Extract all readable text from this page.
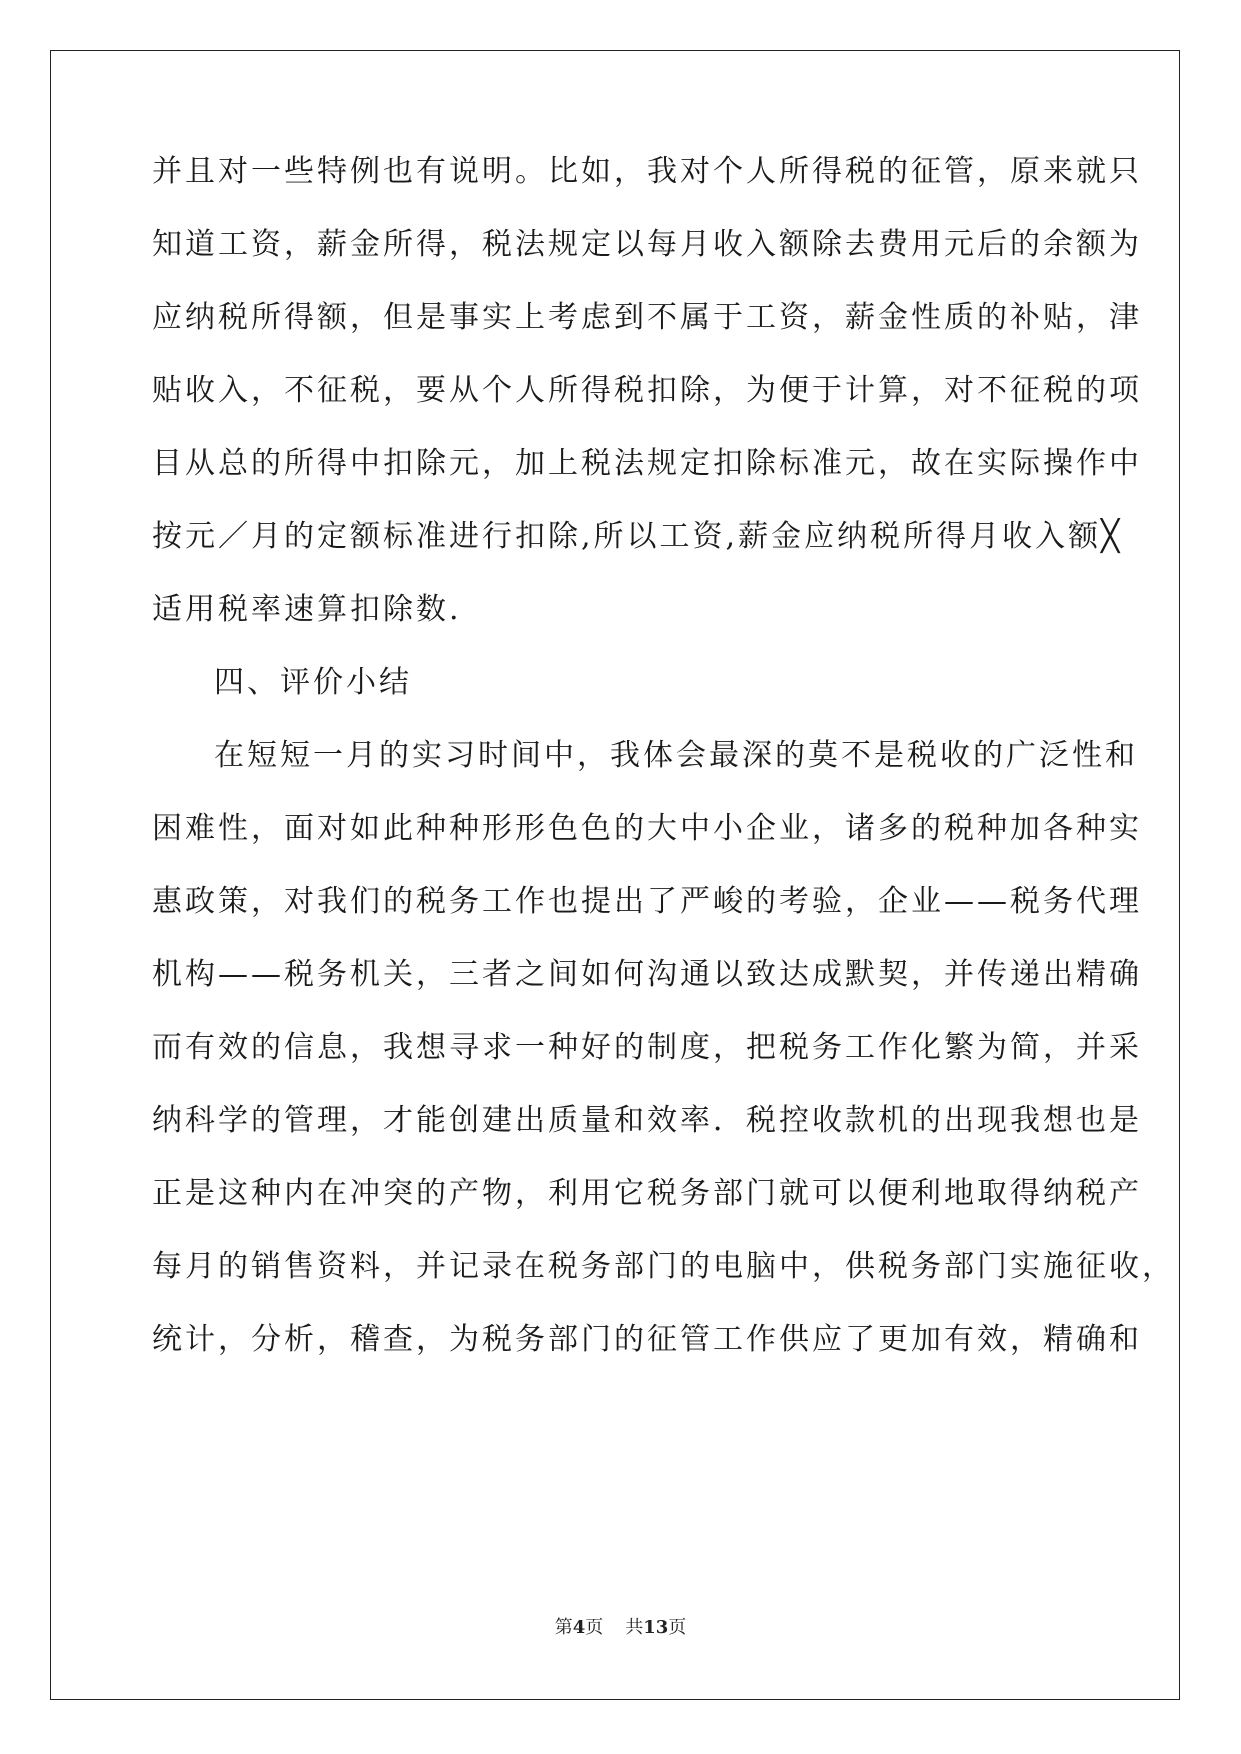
并且对一些特例也有说明。比如，我对个人所得税的征管，原来就只
知道工资，薪金所得，税法规定以每月收入额除去费用元后的余额为
应纳税所得额，但是事实上考虑到不属于工资，薪金性质的补贴，津
贴收入，不征税，要从个人所得税扣除，为便于计算，对不征税的项
目从总的所得中扣除元，加上税法规定扣除标准元，故在实际操作中
按元／月的定额标准进行扣除,所以工资,薪金应纳税所得月收入额╳
适用税率速算扣除数.
四、评价小结
在短短一月的实习时间中，我体会最深的莫不是税收的广泛性和
困难性，面对如此种种形形色色的大中小企业，诸多的税种加各种实
惠政策，对我们的税务工作也提出了严峻的考验，企业——税务代理
机构——税务机关，三者之间如何沟通以致达成默契，并传递出精确
而有效的信息，我想寻求一种好的制度，把税务工作化繁为简，并采
纳科学的管理，才能创建出质量和效率．税控收款机的出现我想也是
正是这种内在冲突的产物，利用它税务部门就可以便利地取得纳税产
每月的销售资料，并记录在税务部门的电脑中，供税务部门实施征收，
统计，分析，稽查，为税务部门的征管工作供应了更加有效，精确和
第4页 共13页
